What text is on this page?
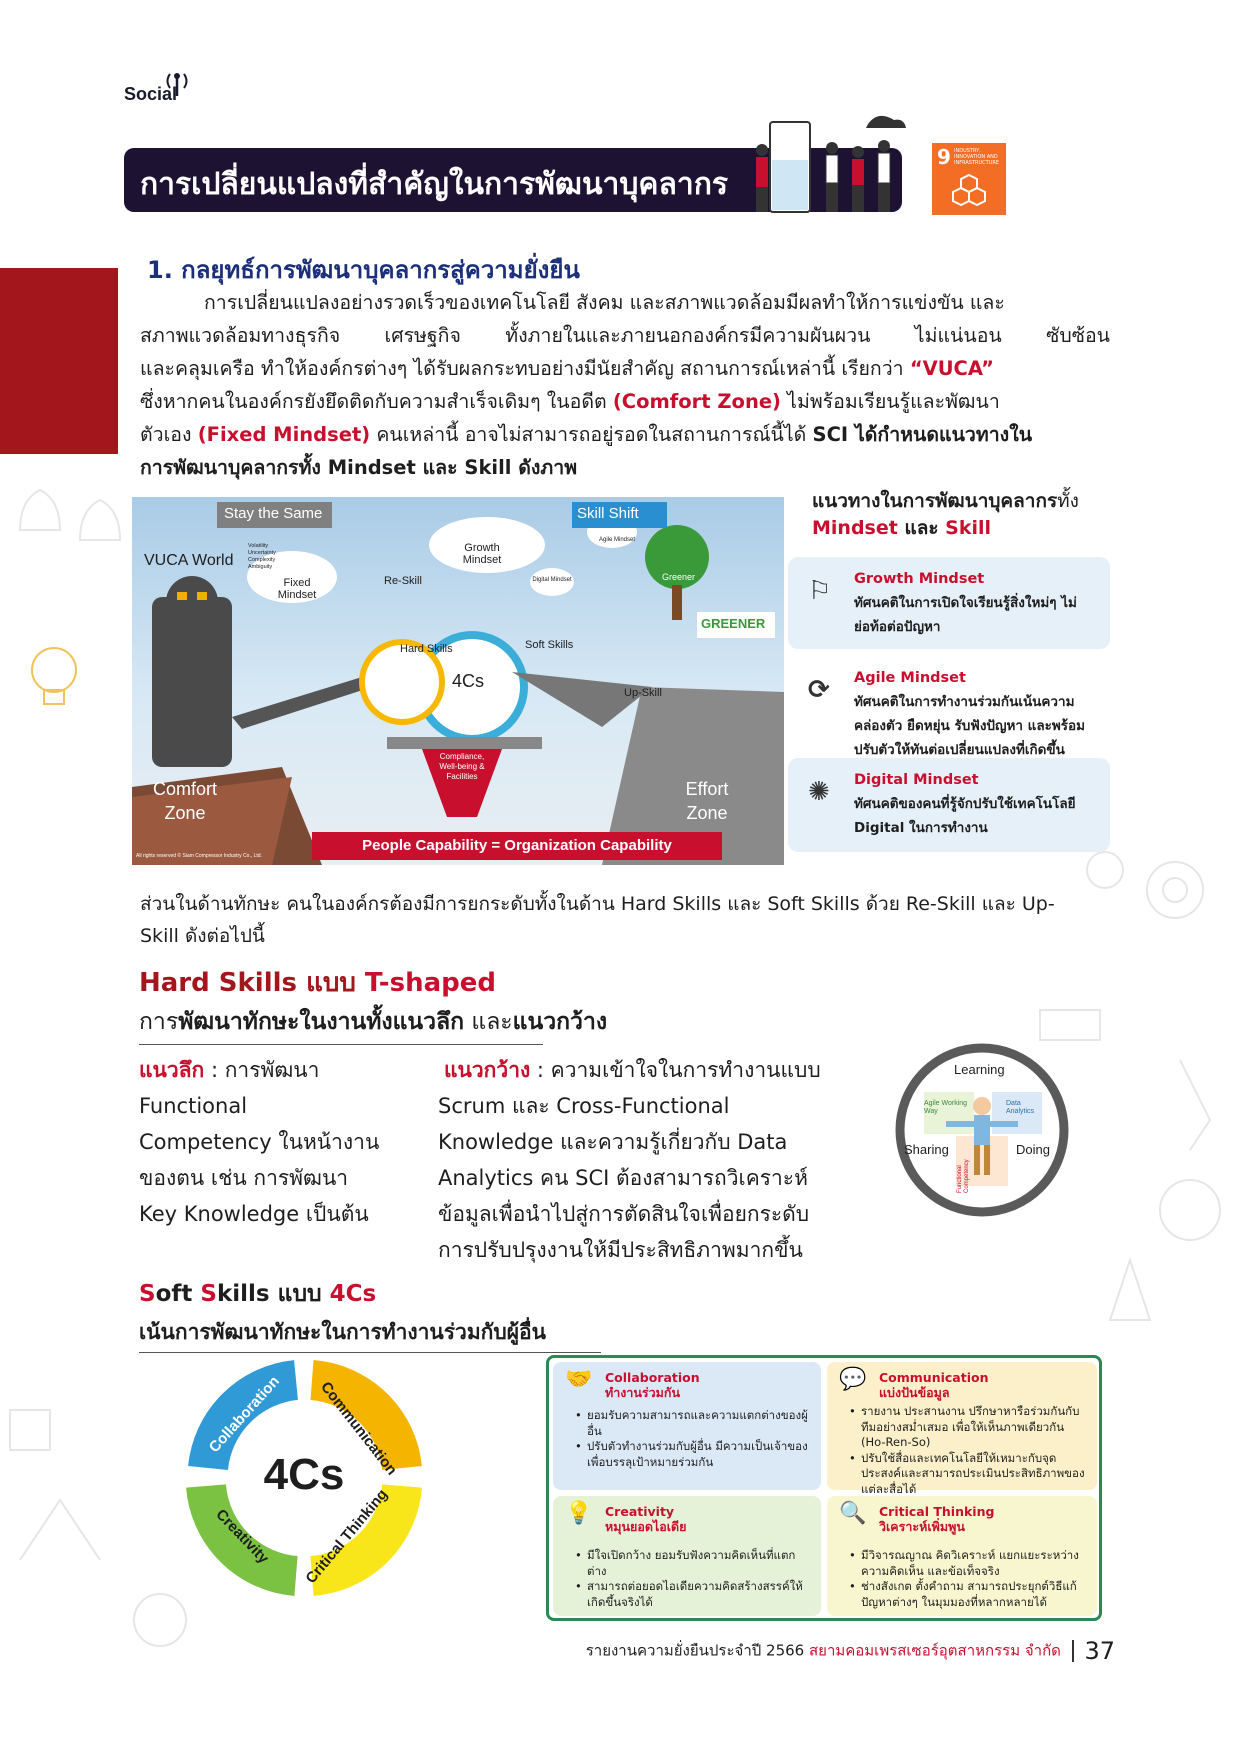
Social
การเปลี่ยนแปลงที่สำคัญในการพัฒนาบุคลากร
9 INDUSTRY, INNOVATION AND INFRASTRUCTURE
1. กลยุทธ์การพัฒนาบุคลากรสู่ความยั่งยืน

การเปลี่ยนแปลงอย่างรวดเร็วของเทคโนโลยี สังคม และสภาพแวดล้อมมีผลทำให้การแข่งขัน และ

สภาพแวดล้อมทางธุรกิจ เศรษฐกิจ ทั้งภายในและภายนอกองค์กรมีความผันผวน ไม่แน่นอน ซับซ้อน

และคลุมเครือ ทำให้องค์กรต่างๆ ได้รับผลกระทบอย่างมีนัยสำคัญ สถานการณ์เหล่านี้ เรียกว่า “VUCA”

ซึ่งหากคนในองค์กรยังยึดติดกับความสำเร็จเดิมๆ ในอดีต (Comfort Zone) ไม่พร้อมเรียนรู้และพัฒนา

ตัวเอง (Fixed Mindset) คนเหล่านี้ อาจไม่สามารถอยู่รอดในสถานการณ์นี้ได้ SCI ได้กำหนดแนวทางใน

การพัฒนาบุคลากรทั้ง Mindset และ Skill ดังภาพ

Stay the Same	Skill Shift
VUCA World
Volatility
Uncertainty
Complexity
Ambiguity
Fixed Mindset
Re-Skill
Growth Mindset
Agile Mindset
Digital Mindset	Greener
GREENER
Hard Skills	Soft Skills
4Cs
Up-Skill
Compliance, Well-being & Facilities
Comfort Zone
Effort Zone
People Capability = Organization Capability
All rights reserved © Siam Compressor Industry Co., Ltd.
แนวทางในการพัฒนาบุคลากรทั้ง
Mindset และ Skill
⚐ Growth Mindset
ทัศนคติในการเปิดใจเรียนรู้สิ่งใหม่ๆ ไม่
ย่อท้อต่อปัญหา
⟳ Agile Mindset
ทัศนคติในการทำงานร่วมกันเน้นความ
คล่องตัว ยืดหยุ่น รับฟังปัญหา และพร้อม
ปรับตัวให้ทันต่อเปลี่ยนแปลงที่เกิดขึ้น
✺ Digital Mindset
ทัศนคติของคนที่รู้จักปรับใช้เทคโนโลยี
Digital ในการทำงาน
ส่วนในด้านทักษะ คนในองค์กรต้องมีการยกระดับทั้งในด้าน Hard Skills และ Soft Skills ด้วย Re-Skill และ Up-
Skill ดังต่อไปนี้
Hard Skills แบบ T-shaped
การพัฒนาทักษะในงานทั้งแนวลึก และแนวกว้าง
แนวลึก : การพัฒนา
Functional
Competency ในหน้างาน
ของตน เช่น การพัฒนา
Key Knowledge เป็นต้น
แนวกว้าง : ความเข้าใจในการทำงานแบบ
Scrum และ Cross-Functional
Knowledge และความรู้เกี่ยวกับ Data
Analytics คน SCI ต้องสามารถวิเคราะห์
ข้อมูลเพื่อนำไปสู่การตัดสินใจเพื่อยกระดับ
การปรับปรุงงานให้มีประสิทธิภาพมากขึ้น
Learning
Sharing	Doing
Agile Working Way
Data Analytics
Functional Competency
Soft Skills แบบ 4Cs
เน้นการพัฒนาทักษะในการทำงานร่วมกับผู้อื่น
4Cs
Collaboration Communication
Critical Thinking
Creativity
🤝 Collaboration
ทำงานร่วมกัน
• ยอมรับความสามารถและความแตกต่างของผู้อื่น
• ปรับตัวทำงานร่วมกับผู้อื่น มีความเป็นเจ้าของเพื่อบรรลุเป้าหมายร่วมกัน
💬 Communication
แบ่งปันข้อมูล
• รายงาน ประสานงาน ปรึกษาหารือร่วมกันกับทีมอย่างสม่ำเสมอ เพื่อให้เห็นภาพเดียวกัน (Ho-Ren-So)
• ปรับใช้สื่อและเทคโนโลยีให้เหมาะกับจุดประสงค์และสามารถประเมินประสิทธิภาพของแต่ละสื่อได้
💡 Creativity
หมุนยอดไอเดีย
• มีใจเปิดกว้าง ยอมรับฟังความคิดเห็นที่แตกต่าง
• สามารถต่อยอดไอเดียความคิดสร้างสรรค์ให้เกิดขึ้นจริงได้
🔍 Critical Thinking
วิเคราะห์เพิ่มพูน
• มีวิจารณญาณ คิดวิเคราะห์ แยกแยะระหว่างความคิดเห็น และข้อเท็จจริง
• ช่างสังเกต ตั้งคำถาม สามารถประยุกต์วิธีแก้ปัญหาต่างๆ ในมุมมองที่หลากหลายได้
รายงานความยั่งยืนประจำปี 2566 สยามคอมเพรสเซอร์อุตสาหกรรม จำกัด 37
